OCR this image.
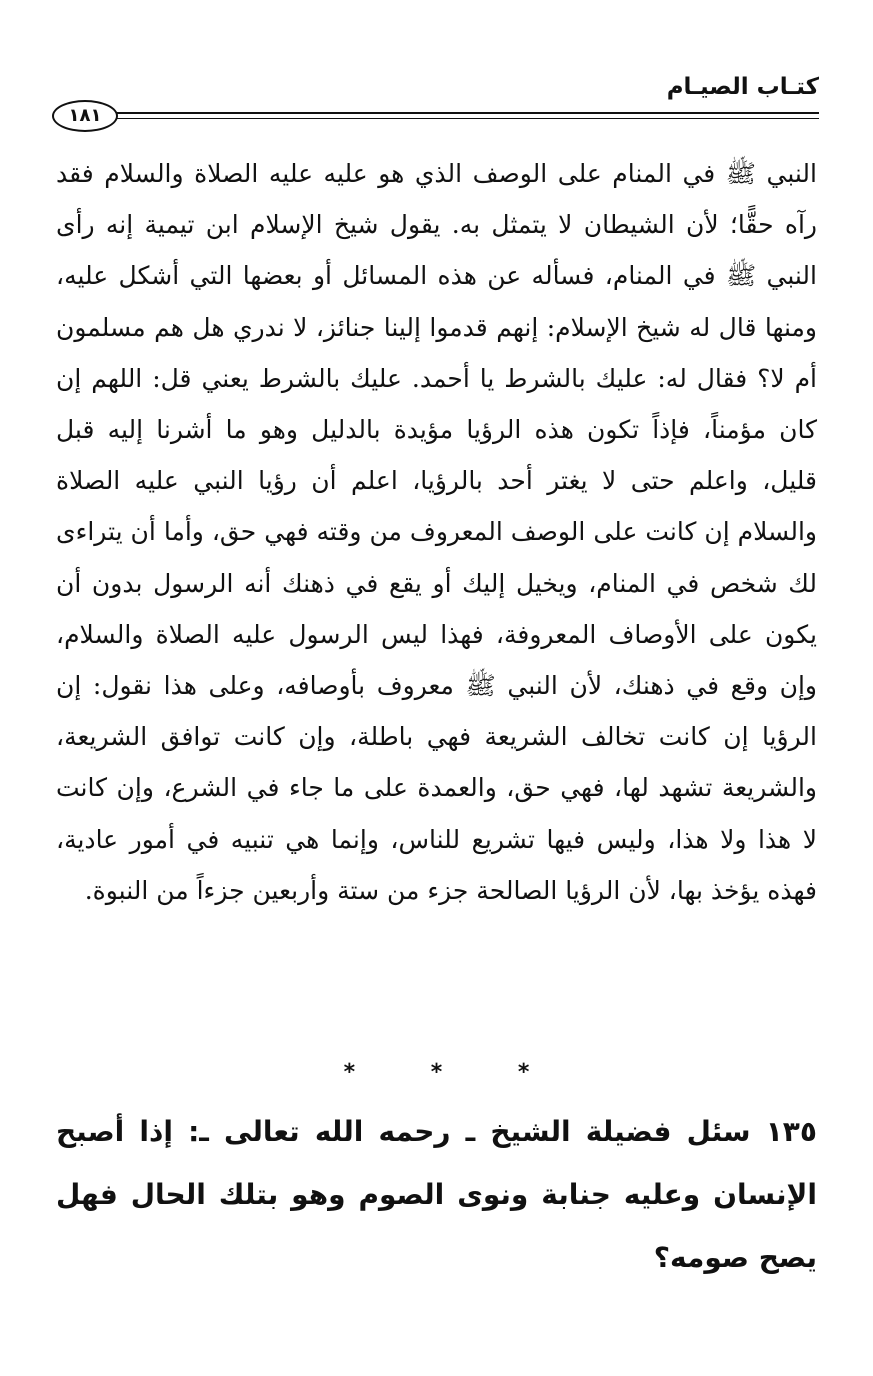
كتـاب الصيـام
١٨١

النبي ﷺ في المنام على الوصف الذي هو عليه عليه الصلاة والسلام فقد رآه حقًّا؛ لأن الشيطان لا يتمثل به. يقول شيخ الإسلام ابن تيمية إنه رأى النبي ﷺ في المنام، فسأله عن هذه المسائل أو بعضها التي أشكل عليه، ومنها قال له شيخ الإسلام: إنهم قدموا إلينا جنائز، لا ندري هل هم مسلمون أم لا؟ فقال له: عليك بالشرط يا أحمد. عليك بالشرط يعني قل: اللهم إن كان مؤمناً، فإذاً تكون هذه الرؤيا مؤيدة بالدليل وهو ما أشرنا إليه قبل قليل، واعلم حتى لا يغتر أحد بالرؤيا، اعلم أن رؤيا النبي عليه الصلاة والسلام إن كانت على الوصف المعروف من وقته فهي حق، وأما أن يتراءى لك شخص في المنام، ويخيل إليك أو يقع في ذهنك أنه الرسول بدون أن يكون على الأوصاف المعروفة، فهذا ليس الرسول عليه الصلاة والسلام، وإن وقع في ذهنك، لأن النبي ﷺ معروف بأوصافه، وعلى هذا نقول: إن الرؤيا إن كانت تخالف الشريعة فهي باطلة، وإن كانت توافق الشريعة، والشريعة تشهد لها، فهي حق، والعمدة على ما جاء في الشرع، وإن كانت لا هذا ولا هذا، وليس فيها تشريع للناس، وإنما هي تنبيه في أمور عادية، فهذه يؤخذ بها، لأن الرؤيا الصالحة جزء من ستة وأربعين جزءاً من النبوة.

* * *

١٣٥ سئل فضيلة الشيخ ـ رحمه الله تعالى ـ: إذا أصبح الإنسان وعليه جنابة ونوى الصوم وهو بتلك الحال فهل يصح صومه؟
